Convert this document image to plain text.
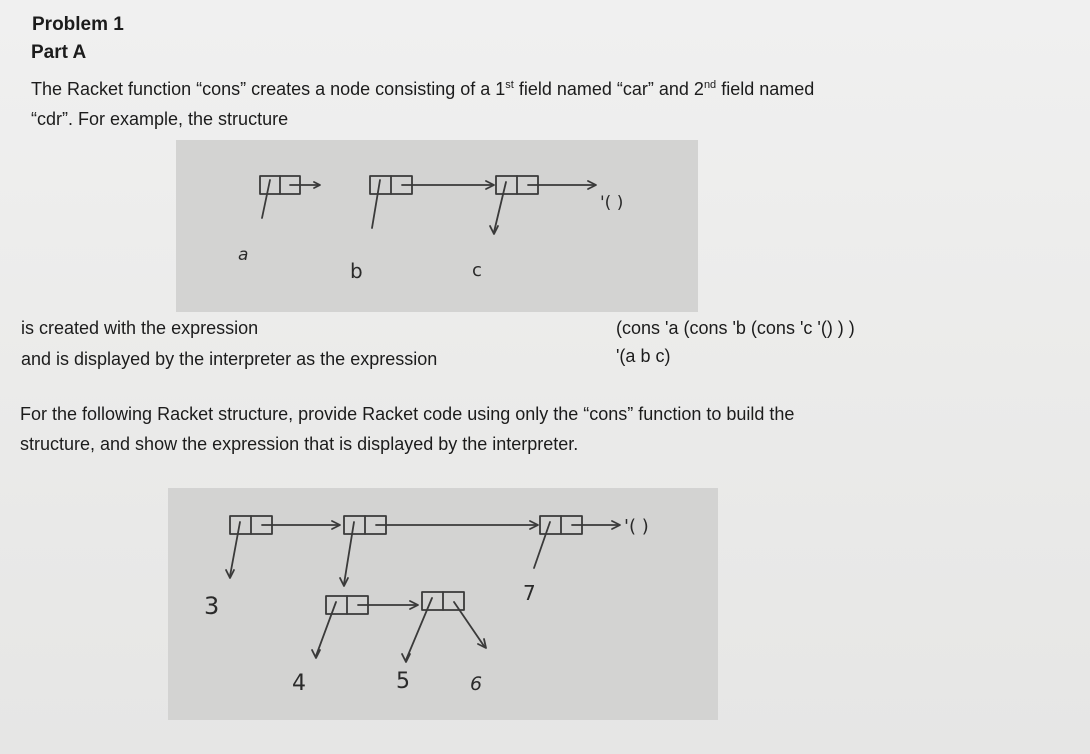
Problem 1
Part A
The Racket function “cons” creates a node consisting of a 1st field named “car” and 2nd field named
“cdr”. For example, the structure
a
b	c
'( )
is created with the expression
and is displayed by the interpreter as the expression
(cons 'a (cons 'b (cons 'c '() ) )
'(a b c)
For the following Racket structure, provide Racket code using only the “cons” function to build the
structure, and show the expression that is displayed by the interpreter.
3	7
4	5	6
'( )
